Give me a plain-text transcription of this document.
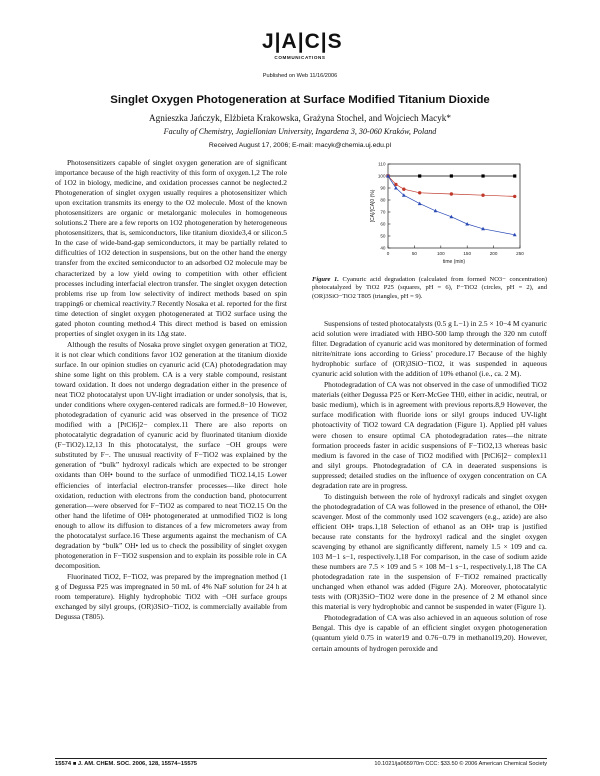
J|A|C|S
COMMUNICATIONS
Published on Web 11/16/2006
Singlet Oxygen Photogeneration at Surface Modified Titanium Dioxide
Agnieszka Jańczyk, Elżbieta Krakowska, Grażyna Stochel, and Wojciech Macyk*
Faculty of Chemistry, Jagiellonian University, Ingardena 3, 30-060 Kraków, Poland
Received August 17, 2006; E-mail: macyk@chemia.uj.edu.pl

Photosensitizers capable of singlet oxygen generation are of significant importance because of the high reactivity of this form of oxygen.1,2 The role of 1O2 in biology, medicine, and oxidation processes cannot be neglected.2 Photogeneration of singlet oxygen usually requires a photosensitizer which upon excitation transmits its energy to the O2 molecule. Most of the known photosensitizers are organic or metalorganic molecules in homogeneous solutions.2 There are a few reports on 1O2 photogeneration by heterogeneous photosensitizers, that is, semiconductors, like titanium dioxide3,4 or silicon.5 In the case of wide-band-gap semiconductors, it may be partially related to difficulties of 1O2 detection in suspensions, but on the other hand the energy transfer from the excited semiconductor to an adsorbed O2 molecule may be characterized by a low yield owing to competition with other efficient processes including interfacial electron transfer. The singlet oxygen detection problems rise up from low selectivity of indirect methods based on spin trapping6 or chemical reactivity.7 Recently Nosaka et al. reported for the first time detection of singlet oxygen photogenerated at TiO2 surface using the gated photon counting method.4 This direct method is based on emission properties of singlet oxygen in its 1Δg state.

Although the results of Nosaka prove singlet oxygen generation at TiO2, it is not clear which conditions favor 1O2 generation at the titanium dioxide surface. In our opinion studies on cyanuric acid (CA) photodegradation may shine some light on this problem. CA is a very stable compound, resistant toward oxidation. It does not undergo degradation either in the presence of neat TiO2 photocatalyst upon UV-light irradiation or under sonolysis, that is, under conditions where oxygen-centered radicals are formed.8−10 However, photodegradation of cyanuric acid was observed in the presence of TiO2 modified with a [PtCl6]2− complex.11 There are also reports on photocatalytic degradation of cyanuric acid by fluorinated titanium dioxide (F−TiO2).12,13 In this photocatalyst, the surface −OH groups were substituted by F−. The unusual reactivity of F−TiO2 was explained by the generation of “bulk” hydroxyl radicals which are expected to be stronger oxidants than OH• bound to the surface of unmodified TiO2.14,15 Lower efficiencies of interfacial electron-transfer processes—like direct hole oxidation, reduction with electrons from the conduction band, photocurrent generation—were observed for F−TiO2 as compared to neat TiO2.15 On the other hand the lifetime of OH• photogenerated at unmodified TiO2 is long enough to allow its diffusion to distances of a few micrometers away from the photocatalyst surface.16 These arguments against the mechanism of CA degradation by “bulk” OH• led us to check the possibility of singlet oxygen photogeneration in F−TiO2 suspension and to explain its possible role in CA decomposition.

Fluorinated TiO2, F−TiO2, was prepared by the impregnation method (1 g of Degussa P25 was impregnated in 50 mL of 4% NaF solution for 24 h at room temperature). Highly hydrophobic TiO2 with −OH surface groups exchanged by silyl groups, (OR)3SiO−TiO2, is commercially available from Degussa (T805).

0	50	100	150	200	250
40
50
60
70
80
90
100
110
time (min)
[CA]/[CA]0 (%)
Figure 1. Cyanuric acid degradation (calculated from formed NO3− concentration) photocatalyzed by TiO2 P25 (squares, pH = 6), F−TiO2 (circles, pH = 2), and (OR)3SiO−TiO2 T805 (triangles, pH = 9).

Suspensions of tested photocatalysts (0.5 g L−1) in 2.5 × 10−4 M cyanuric acid solution were irradiated with HBO-500 lamp through the 320 nm cutoff filter. Degradation of cyanuric acid was monitored by determination of formed nitrite/nitrate ions according to Griess’ procedure.17 Because of the highly hydrophobic surface of (OR)3SiO−TiO2, it was suspended in aqueous cyanuric acid solution with the addition of 10% ethanol (i.e., ca. 2 M).

Photodegradation of CA was not observed in the case of unmodified TiO2 materials (either Degussa P25 or Kerr-McGee TH0, either in acidic, neutral, or basic medium), which is in agreement with previous reports.8,9 However, the surface modification with fluoride ions or silyl groups induced UV-light photoactivity of TiO2 toward CA degradation (Figure 1). Applied pH values were chosen to ensure optimal CA photodegradation rates—the nitrate formation proceeds faster in acidic suspensions of F−TiO2,13 whereas basic medium is favored in the case of TiO2 modified with [PtCl6]2− complex11 and silyl groups. Photodegradation of CA in deaerated suspensions is suppressed; detailed studies on the influence of oxygen concentration on CA degradation rate are in progress.

To distinguish between the role of hydroxyl radicals and singlet oxygen the photodegradation of CA was followed in the presence of ethanol, the OH• scavenger. Most of the commonly used 1O2 scavengers (e.g., azide) are also efficient OH• traps.1,18 Selection of ethanol as an OH• trap is justified because rate constants for the hydroxyl radical and the singlet oxygen scavenging by ethanol are significantly different, namely 1.5 × 109 and ca. 103 M−1 s−1, respectively.1,18 For comparison, in the case of sodium azide these numbers are 7.5 × 109 and 5 × 108 M−1 s−1, respectively.1,18 The CA photodegradation rate in the suspension of F−TiO2 remained practically unchanged when ethanol was added (Figure 2A). Moreover, photocatalytic tests with (OR)3SiO−TiO2 were done in the presence of 2 M ethanol since this material is very hydrophobic and cannot be suspended in water (Figure 1).

Photodegradation of CA was also achieved in an aqueous solution of rose Bengal. This dye is capable of an efficient singlet oxygen photogeneration (quantum yield 0.75 in water19 and 0.76−0.79 in methanol19,20). However, certain amounts of hydrogen peroxide and

15574 ■ J. AM. CHEM. SOC. 2006, 128, 15574−15575	10.1021/ja065970m CCC: $33.50 © 2006 American Chemical Society
